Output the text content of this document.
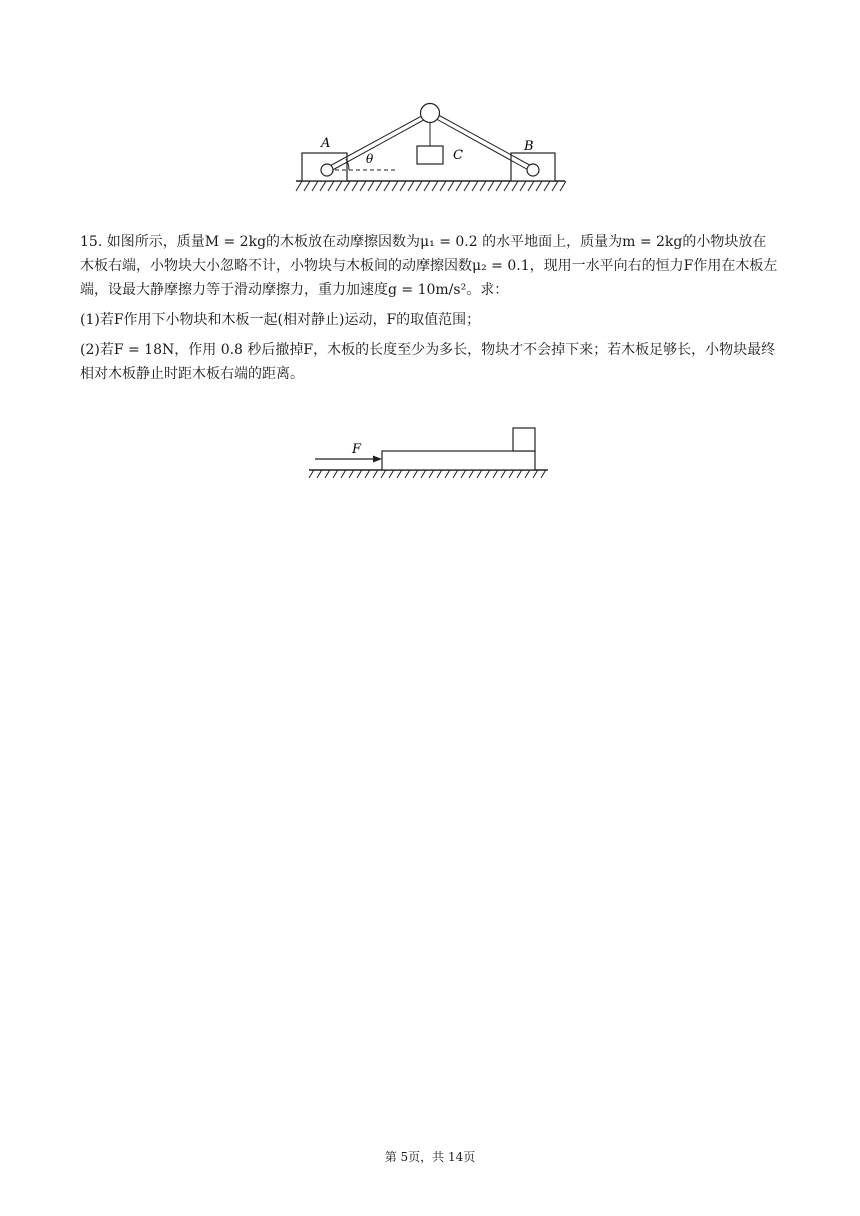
A	B
C
θ

15. 如图所示，质量M = 2kg的木板放在动摩擦因数为μ₁ = 0.2 的水平地面上，质量为m = 2kg的小物块放在木板右端，小物块大小忽略不计，小物块与木板间的动摩擦因数μ₂ = 0.1，现用一水平向右的恒力F作用在木板左端，设最大静摩擦力等于滑动摩擦力，重力加速度g = 10m/s²。求：

(1)若F作用下小物块和木板一起(相对静止)运动，F的取值范围；

(2)若F = 18N，作用 0.8 秒后撤掉F，木板的长度至少为多长，物块才不会掉下来；若木板足够长，小物块最终相对木板静止时距木板右端的距离。

F
第 5页，共 14页
